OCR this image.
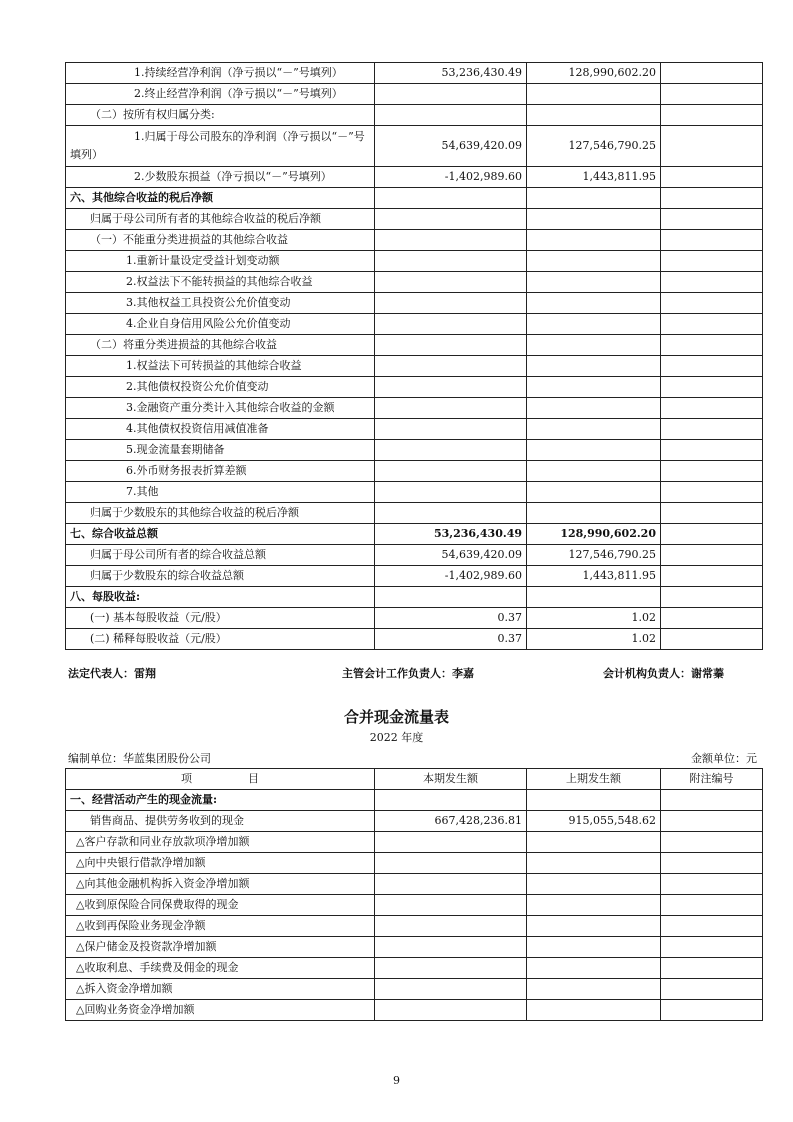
1.持续经营净利润（净亏损以“－”号填列）	53,236,430.49	128,990,602.20	
2.终止经营净利润（净亏损以“－”号填列）			
（二）按所有权归属分类:			
1.归属于母公司股东的净利润（净亏损以“－”号填列）	54,639,420.09	127,546,790.25	
2.少数股东损益（净亏损以“－”号填列）	-1,402,989.60	1,443,811.95	
六、其他综合收益的税后净额			
归属于母公司所有者的其他综合收益的税后净额			
（一）不能重分类进损益的其他综合收益			
1.重新计量设定受益计划变动额			
2.权益法下不能转损益的其他综合收益			
3.其他权益工具投资公允价值变动			
4.企业自身信用风险公允价值变动			
（二）将重分类进损益的其他综合收益			
1.权益法下可转损益的其他综合收益			
2.其他债权投资公允价值变动			
3.金融资产重分类计入其他综合收益的金额			
4.其他债权投资信用减值准备			
5.现金流量套期储备			
6.外币财务报表折算差额			
7.其他			
归属于少数股东的其他综合收益的税后净额			
七、综合收益总额	53,236,430.49	128,990,602.20	
归属于母公司所有者的综合收益总额	54,639,420.09	127,546,790.25	
归属于少数股东的综合收益总额	-1,402,989.60	1,443,811.95	
八、每股收益:			
(一) 基本每股收益（元/股）	0.37	1.02	
(二) 稀释每股收益（元/股）	0.37	1.02	
法定代表人：雷翔	主管会计工作负责人：李嘉	会计机构负责人：谢常蓁
合并现金流量表
2022 年度
编制单位：华蓝集团股份公司	金额单位：元
项                目	本期发生额	上期发生额	附注编号
一、经营活动产生的现金流量:			
销售商品、提供劳务收到的现金	667,428,236.81	915,055,548.62	
△客户存款和同业存放款项净增加额			
△向中央银行借款净增加额			
△向其他金融机构拆入资金净增加额			
△收到原保险合同保费取得的现金			
△收到再保险业务现金净额			
△保户储金及投资款净增加额			
△收取利息、手续费及佣金的现金			
△拆入资金净增加额			
△回购业务资金净增加额			
9
